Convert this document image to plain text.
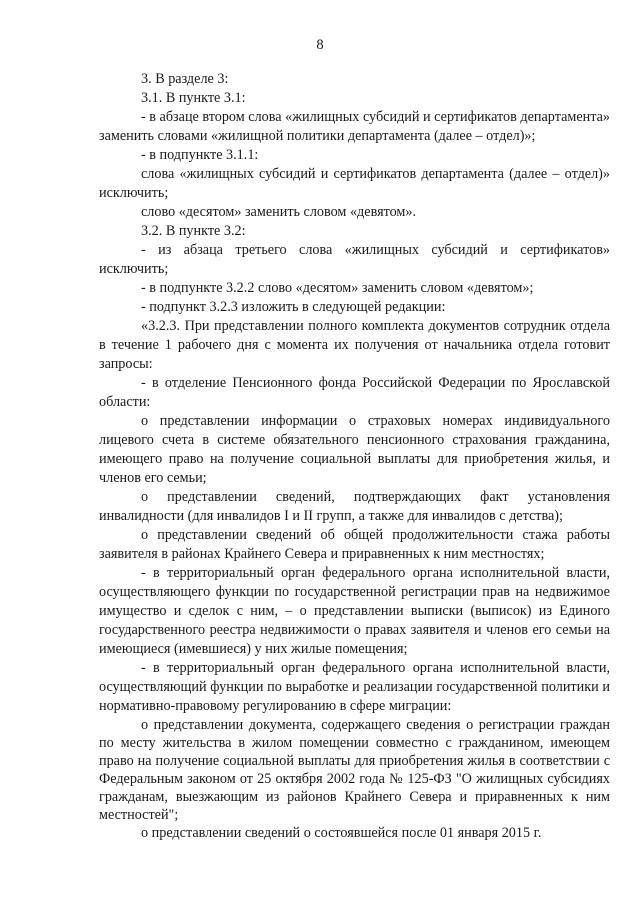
8

3. В разделе 3:

3.1. В пункте 3.1:

- в абзаце втором слова «жилищных субсидий и сертификатов департамента» заменить словами «жилищной политики департамента (далее – отдел)»;

- в подпункте 3.1.1:

слова «жилищных субсидий и сертификатов департамента (далее – отдел)» исключить;

слово «десятом» заменить словом «девятом».

3.2. В пункте 3.2:

- из абзаца третьего слова «жилищных субсидий и сертификатов» исключить;

- в подпункте 3.2.2 слово «десятом» заменить словом «девятом»;

- подпункт 3.2.3 изложить в следующей редакции:

«3.2.3. При представлении полного комплекта документов сотрудник отдела в течение 1 рабочего дня с момента их получения от начальника отдела готовит запросы:

- в отделение Пенсионного фонда Российской Федерации по Ярославской области:

о представлении информации о страховых номерах индивидуального лицевого счета в системе обязательного пенсионного страхования гражданина, имеющего право на получение социальной выплаты для приобретения жилья, и членов его семьи;

о представлении сведений, подтверждающих факт установления инвалидности (для инвалидов I и II групп, а также для инвалидов с детства);

о представлении сведений об общей продолжительности стажа работы заявителя в районах Крайнего Севера и приравненных к ним местностях;

- в территориальный орган федерального органа исполнительной власти, осуществляющего функции по государственной регистрации прав на недвижимое имущество и сделок с ним, – о представлении выписки (выписок) из Единого государственного реестра недвижимости о правах заявителя и членов его семьи на имеющиеся (имевшиеся) у них жилые помещения;

- в территориальный орган федерального органа исполнительной власти, осуществляющий функции по выработке и реализации государственной политики и нормативно-правовому регулированию в сфере миграции:

о представлении документа, содержащего сведения о регистрации граждан по месту жительства в жилом помещении совместно с гражданином, имеющем право на получение социальной выплаты для приобретения жилья в соответствии с Федеральным законом от 25 октября 2002 года № 125-ФЗ "О жилищных субсидиях гражданам, выезжающим из районов Крайнего Севера и приравненных к ним местностей";

о представлении сведений о состоявшейся после 01 января 2015 г.
